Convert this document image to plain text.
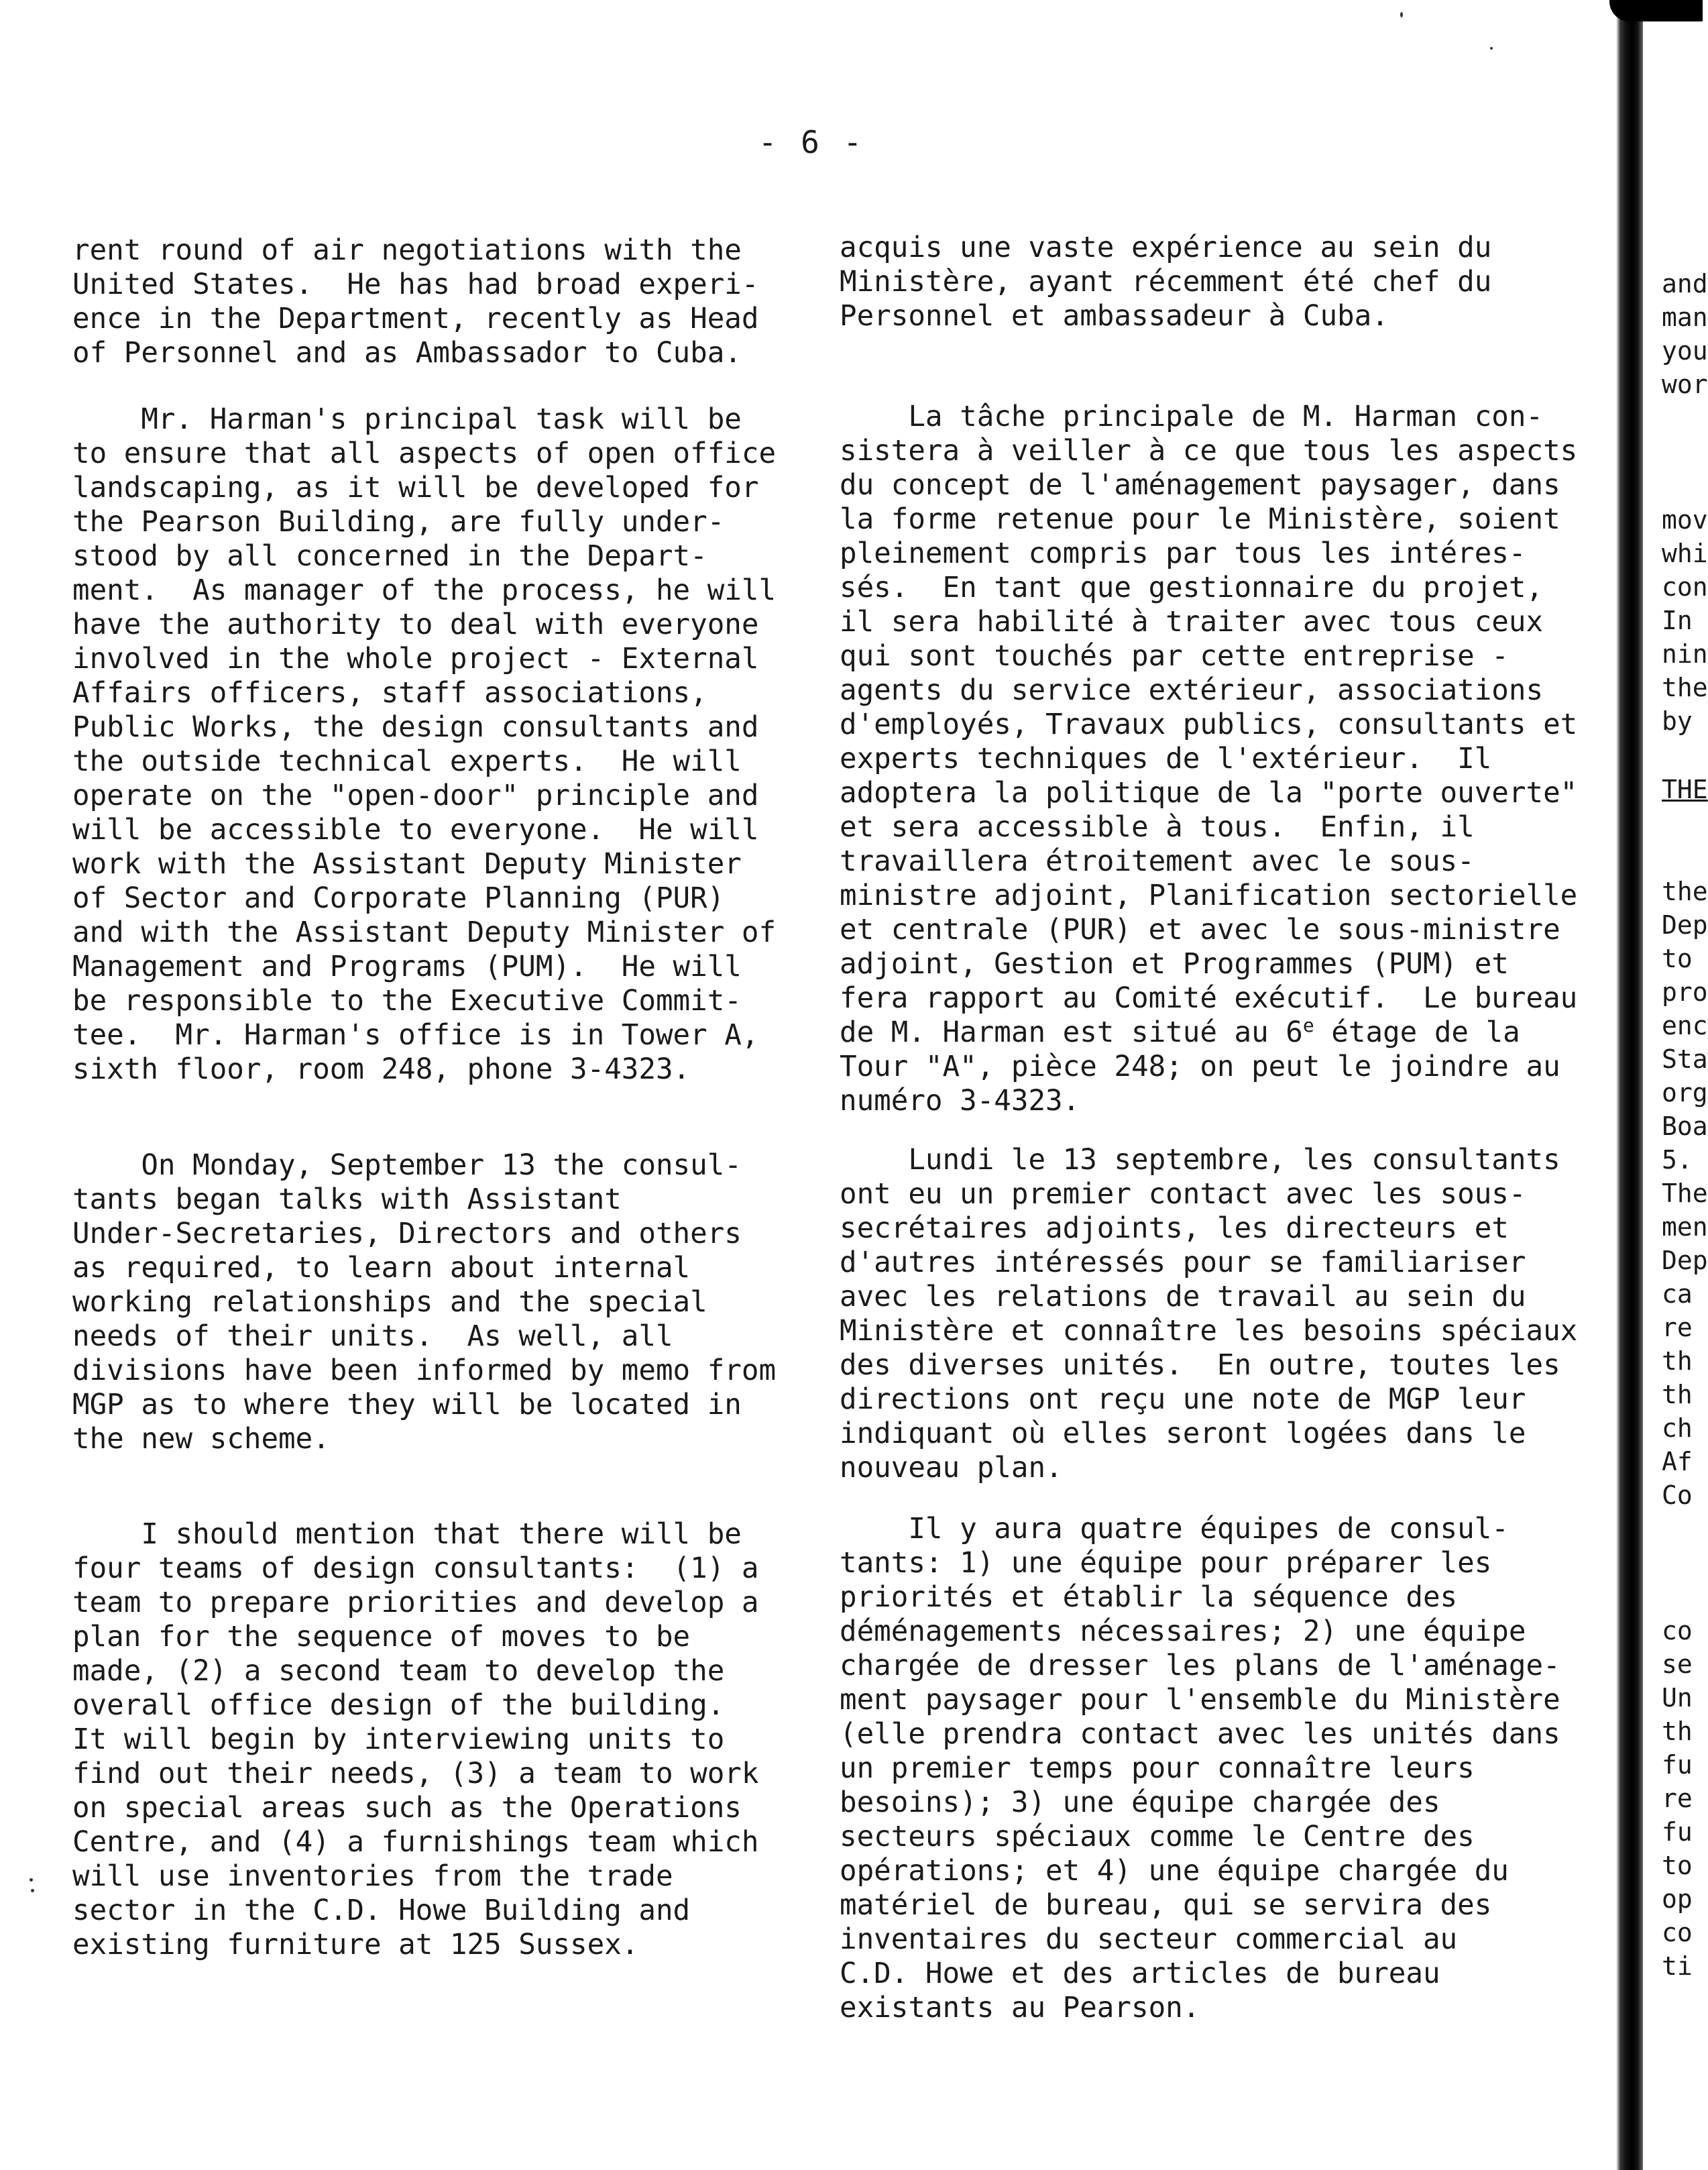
- 6 -

rent round of air negotiations with the

United States.  He has had broad experi-

ence in the Department, recently as Head

of Personnel and as Ambassador to Cuba.

Mr. Harman's principal task will be

to ensure that all aspects of open office

landscaping, as it will be developed for

the Pearson Building, are fully under-

stood by all concerned in the Depart-

ment.  As manager of the process, he will

have the authority to deal with everyone

involved in the whole project - External

Affairs officers, staff associations,

Public Works, the design consultants and

the outside technical experts.  He will

operate on the "open-door" principle and

will be accessible to everyone.  He will

work with the Assistant Deputy Minister

of Sector and Corporate Planning (PUR)

and with the Assistant Deputy Minister of

Management and Programs (PUM).  He will

be responsible to the Executive Commit-

tee.  Mr. Harman's office is in Tower A,

sixth floor, room 248, phone 3-4323.

On Monday, September 13 the consul-

tants began talks with Assistant

Under-Secretaries, Directors and others

as required, to learn about internal

working relationships and the special

needs of their units.  As well, all

divisions have been informed by memo from

MGP as to where they will be located in

the new scheme.

I should mention that there will be

four teams of design consultants:  (1) a

team to prepare priorities and develop a

plan for the sequence of moves to be

made, (2) a second team to develop the

overall office design of the building.

It will begin by interviewing units to

find out their needs, (3) a team to work

on special areas such as the Operations

Centre, and (4) a furnishings team which

will use inventories from the trade

sector in the C.D. Howe Building and

existing furniture at 125 Sussex.

acquis une vaste expérience au sein du

Ministère, ayant récemment été chef du

Personnel et ambassadeur à Cuba.

La tâche principale de M. Harman con-

sistera à veiller à ce que tous les aspects

du concept de l'aménagement paysager, dans

la forme retenue pour le Ministère, soient

pleinement compris par tous les intéres-

sés.  En tant que gestionnaire du projet,

il sera habilité à traiter avec tous ceux

qui sont touchés par cette entreprise -

agents du service extérieur, associations

d'employés, Travaux publics, consultants et

experts techniques de l'extérieur.  Il

adoptera la politique de la "porte ouverte"

et sera accessible à tous.  Enfin, il

travaillera étroitement avec le sous-

ministre adjoint, Planification sectorielle

et centrale (PUR) et avec le sous-ministre

adjoint, Gestion et Programmes (PUM) et

fera rapport au Comité exécutif.  Le bureau

de M. Harman est situé au 6e étage de la

Tour "A", pièce 248; on peut le joindre au

numéro 3-4323.

Lundi le 13 septembre, les consultants

ont eu un premier contact avec les sous-

secrétaires adjoints, les directeurs et

d'autres intéressés pour se familiariser

avec les relations de travail au sein du

Ministère et connaître les besoins spéciaux

des diverses unités.  En outre, toutes les

directions ont reçu une note de MGP leur

indiquant où elles seront logées dans le

nouveau plan.

Il y aura quatre équipes de consul-

tants: 1) une équipe pour préparer les

priorités et établir la séquence des

déménagements nécessaires; 2) une équipe

chargée de dresser les plans de l'aménage-

ment paysager pour l'ensemble du Ministère

(elle prendra contact avec les unités dans

un premier temps pour connaître leurs

besoins); 3) une équipe chargée des

secteurs spéciaux comme le Centre des

opérations; et 4) une équipe chargée du

matériel de bureau, qui se servira des

inventaires du secteur commercial au

C.D. Howe et des articles de bureau

existants au Pearson.

and
man
you
wor
mov
whi
con
In
nin
the
by
THE
the
Dep
to
pro
enc
Sta
org
Boa
5.
The
men
Dep
ca
re
th
th
ch
Af
Co
co
se
Un
th
fu
re
fu
to
op
co
ti
